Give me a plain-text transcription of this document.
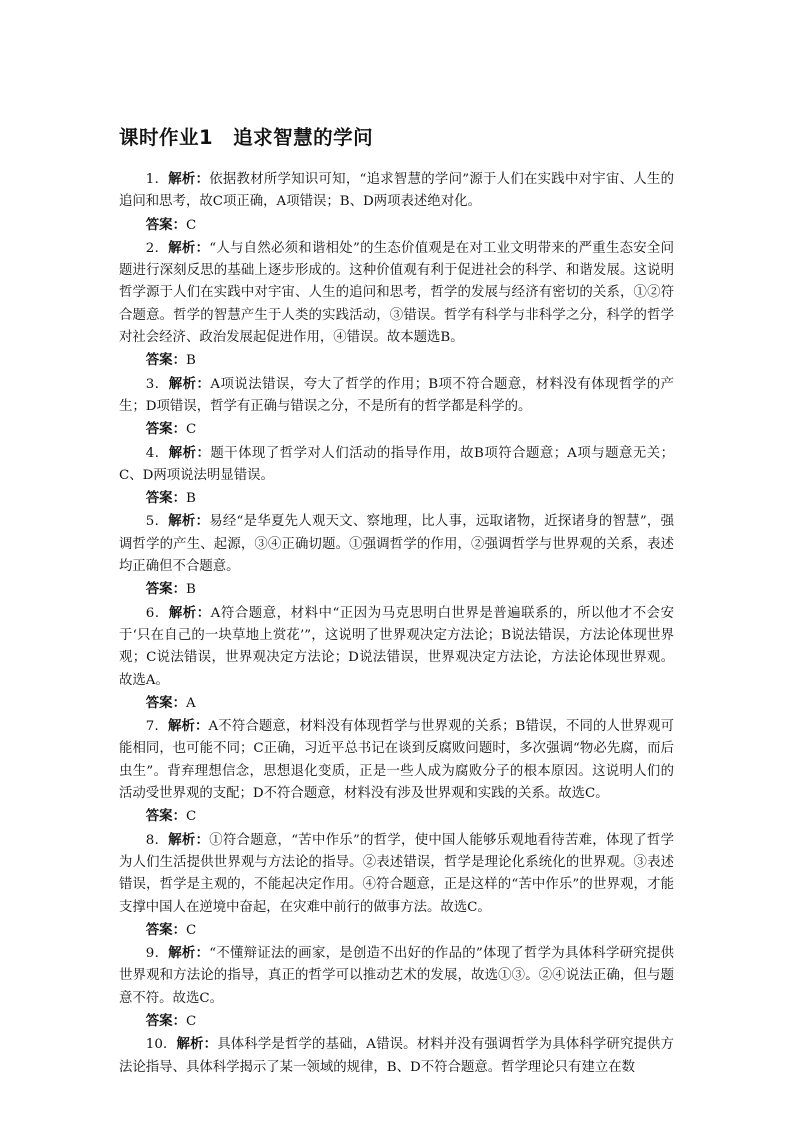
课时作业1　追求智慧的学问

1．解析：依据教材所学知识可知，“追求智慧的学问”源于人们在实践中对宇宙、人生的追问和思考，故C项正确，A项错误；B、D两项表述绝对化。

答案：C

2．解析：“人与自然必须和谐相处”的生态价值观是在对工业文明带来的严重生态安全问题进行深刻反思的基础上逐步形成的。这种价值观有利于促进社会的科学、和谐发展。这说明哲学源于人们在实践中对宇宙、人生的追问和思考，哲学的发展与经济有密切的关系，①②符合题意。哲学的智慧产生于人类的实践活动，③错误。哲学有科学与非科学之分，科学的哲学对社会经济、政治发展起促进作用，④错误。故本题选B。

答案：B

3．解析：A项说法错误，夸大了哲学的作用；B项不符合题意，材料没有体现哲学的产生；D项错误，哲学有正确与错误之分，不是所有的哲学都是科学的。

答案：C

4．解析：题干体现了哲学对人们活动的指导作用，故B项符合题意；A项与题意无关；C、D两项说法明显错误。

答案：B

5．解析：易经“是华夏先人观天文、察地理，比人事，远取诸物，近探诸身的智慧”，强调哲学的产生、起源，③④正确切题。①强调哲学的作用，②强调哲学与世界观的关系，表述均正确但不合题意。

答案：B

6．解析：A符合题意，材料中“正因为马克思明白世界是普遍联系的，所以他才不会安于‘只在自己的一块草地上赏花’”，这说明了世界观决定方法论；B说法错误，方法论体现世界观；C说法错误，世界观决定方法论；D说法错误，世界观决定方法论，方法论体现世界观。故选A。

答案：A

7．解析：A不符合题意，材料没有体现哲学与世界观的关系；B错误，不同的人世界观可能相同，也可能不同；C正确，习近平总书记在谈到反腐败问题时，多次强调“物必先腐，而后虫生”。背弃理想信念，思想退化变质，正是一些人成为腐败分子的根本原因。这说明人们的活动受世界观的支配；D不符合题意，材料没有涉及世界观和实践的关系。故选C。

答案：C

8．解析：①符合题意，“苦中作乐”的哲学，使中国人能够乐观地看待苦难，体现了哲学为人们生活提供世界观与方法论的指导。②表述错误，哲学是理论化系统化的世界观。③表述错误，哲学是主观的，不能起决定作用。④符合题意，正是这样的“苦中作乐”的世界观，才能支撑中国人在逆境中奋起，在灾难中前行的做事方法。故选C。

答案：C

9．解析：“不懂辩证法的画家，是创造不出好的作品的”体现了哲学为具体科学研究提供世界观和方法论的指导，真正的哲学可以推动艺术的发展，故选①③。②④说法正确，但与题意不符。故选C。

答案：C

10．解析：具体科学是哲学的基础，A错误。材料并没有强调哲学为具体科学研究提供方法论指导、具体科学揭示了某一领域的规律，B、D不符合题意。哲学理论只有建立在数
